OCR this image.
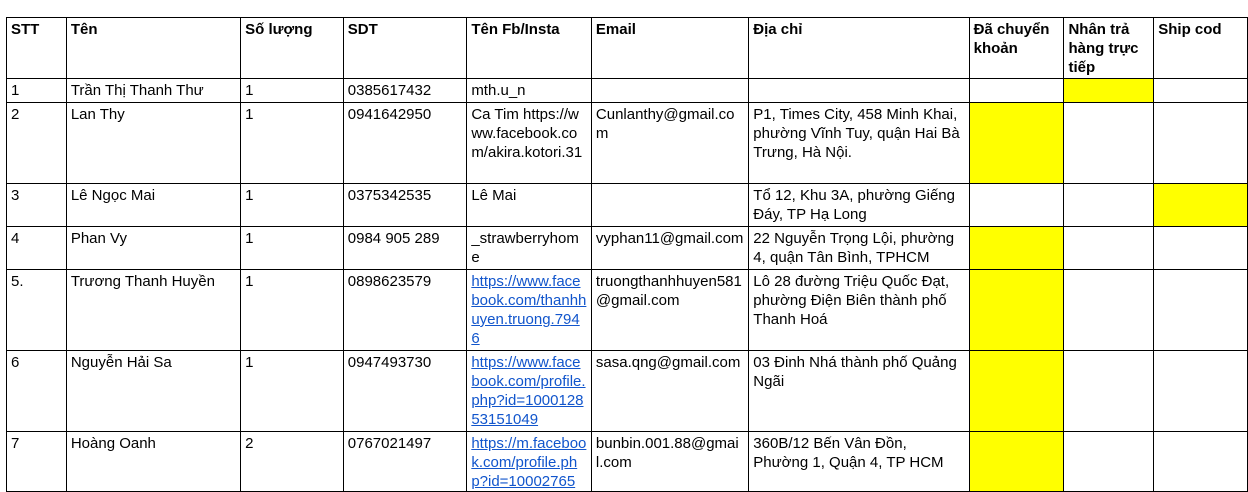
STT	Tên	Số lượng	SDT	Tên Fb/Insta	Email	Địa chỉ	Đã chuyển khoản	Nhân trả hàng trực tiếp	Ship cod
1	Trần Thị Thanh Thư	1	0385617432	mth.u_n					
2	Lan Thy	1	0941642950	Ca Tim https://www.facebook.com/akira.kotori.31	Cunlanthy@gmail.com	P1, Times City, 458 Minh Khai, phường Vĩnh Tuy, quận Hai Bà Trưng, Hà Nội.			
3	Lê Ngọc Mai	1	0375342535	Lê Mai		Tổ 12, Khu 3A, phường Giếng Đáy, TP Hạ Long			
4	Phan Vy	1	0984 905 289	_strawberryhome	vyphan11@gmail.com	22 Nguyễn Trọng Lội, phường 4, quận Tân Bình, TPHCM			
5.	Trương Thanh Huyền	1	0898623579	https://www.facebook.com/thanhhuyen.truong.7946	truongthanhhuyen581@gmail.com	Lô 28 đường Triệu Quốc Đạt, phường Điện Biên thành phố Thanh Hoá			
6	Nguyễn Hải Sa	1	0947493730	https://www.facebook.com/profile.php?id=100012853151049	sasa.qng@gmail.com	03 Đinh Nhá thành phố Quảng Ngãi			
7	Hoàng Oanh	2	0767021497	https://m.facebook.com/profile.php?id=10002765	bunbin.001.88@gmail.com	360B/12 Bến Vân Đồn, Phường 1, Quận 4, TP HCM			
